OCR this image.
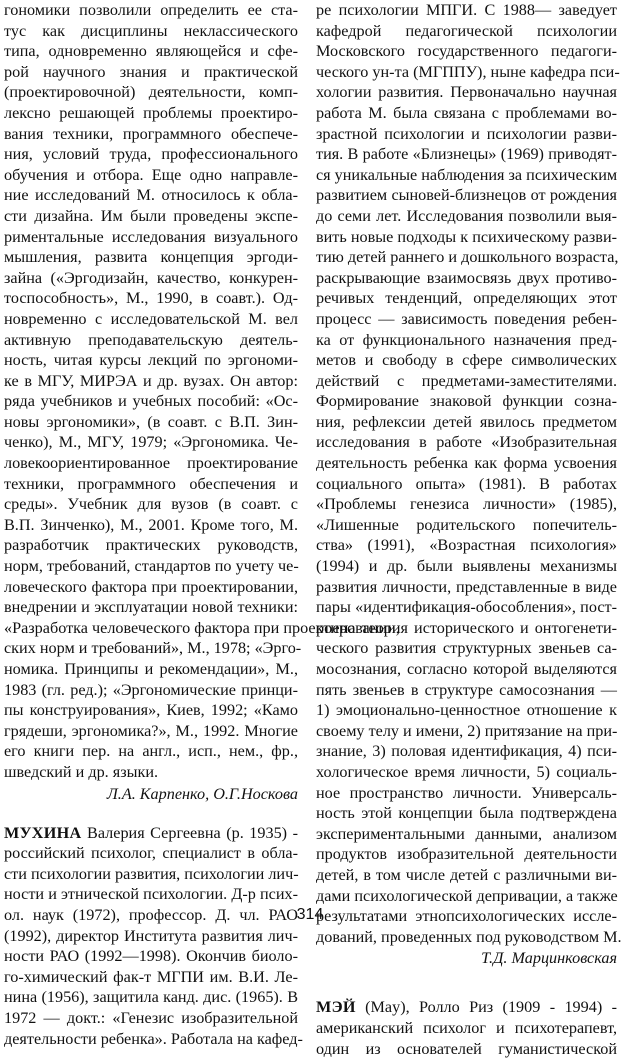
гономики позволили определить ее ста-
тус как дисциплины неклассического
типа, одновременно являющейся и сфе-
рой научного знания и практической
(проектировочной) деятельности, комп-
лексно решающей проблемы проектиро-
вания техники, программного обеспече-
ния, условий труда, профессионального
обучения и отбора. Еще одно направле-
ние исследований М. относилось к обла-
сти дизайна. Им были проведены экспе-
риментальные исследования визуального
мышления, развита концепция эргоди-
зайна («Эргодизайн, качество, конкурен-
тоспособность», М., 1990, в соавт.). Од-
новременно с исследовательской М. вел
активную преподавательскую деятель-
ность, читая курсы лекций по эргономи-
ке в МГУ, МИРЭА и др. вузах. Он автор:
ряда учебников и учебных пособий: «Ос-
новы эргономики», (в соавт. с В.П. Зин-
ченко), М., МГУ, 1979; «Эргономика. Че-
ловекоориентированное проектирование
техники, программного обеспечения и
среды». Учебник для вузов (в соавт. с
В.П. Зинченко), М., 2001. Кроме того, М.
разработчик практических руководств,
норм, требований, стандартов по учету че-
ловеческого фактора при проектировании,
внедрении и эксплуатации новой техники:
«Разработка человеческого фактора при проектировании,
ских норм и требований», М., 1978; «Эрго-
номика. Принципы и рекомендации», М.,
1983 (гл. ред.); «Эргономические принци-
пы конструирования», Киев, 1992; «Камо
грядеши, эргономика?», М., 1992. Многие
его книги пер. на англ., исп., нем., фр.,
шведский и др. языки.
Л.А. Карпенко, О.Г.Носкова
МУХИНА Валерия Сергеевна (р. 1935) -
российский психолог, специалист в обла-
сти психологии развития, психологии лич-
ности и этнической психологии. Д-р псих-
ол. наук (1972), профессор. Д. чл. РАО
(1992), директор Института развития лич-
ности РАО (1992—1998). Окончив биоло-
го-химический фак-т МГПИ им. В.И. Ле-
нина (1956), защитила канд. дис. (1965). В
1972 — докт.: «Генезис изобразительной
деятельности ребенка». Работала на кафед-
ре психологии МПГИ. С 1988— заведует
кафедрой педагогической психологии
Московского государственного педагоги-
ческого ун-та (МГППУ), ныне кафедра пси-
хологии развития. Первоначально научная
работа М. была связана с проблемами во-
зрастной психологии и психологии разви-
тия. В работе «Близнецы» (1969) приводят-
ся уникальные наблюдения за психическим
развитием сыновей-близнецов от рождения
до семи лет. Исследования позволили выя-
вить новые подходы к психическому разви-
тию детей раннего и дошкольного возраста,
раскрывающие взаимосвязь двух противо-
речивых тенденций, определяющих этот
процесс — зависимость поведения ребен-
ка от функционального назначения пред-
метов и свободу в сфере символических
действий с предметами-заместителями.
Формирование знаковой функции созна-
ния, рефлексии детей явилось предметом
исследования в работе «Изобразительная
деятельность ребенка как форма усвоения
социального опыта» (1981). В работах
«Проблемы генезиса личности» (1985),
«Лишенные родительского попечитель-
ства» (1991), «Возрастная психология»
(1994) и др. были выявлены механизмы
развития личности, представленные в виде
пары «идентификация-обособления», пост-
роена теория исторического и онтогенети-
ческого развития структурных звеньев са-
мосознания, согласно которой выделяются
пять звеньев в структуре самосознания —
1) эмоционально-ценностное отношение к
своему телу и имени, 2) притязание на при-
знание, 3) половая идентификация, 4) пси-
хологическое время личности, 5) социаль-
ное пространство личности. Универсаль-
ность этой концепции была подтверждена
экспериментальными данными, анализом
продуктов изобразительной деятельности
детей, в том числе детей с различными ви-
дами психологической депривации, а также
результатами этнопсихологических иссле-
дований, проведенных под руководством М.
Т.Д. Марцинковская
МЭЙ (May), Ролло Риз (1909 - 1994) -
американский психолог и психотерапевт,
один из основателей гуманистической
314
